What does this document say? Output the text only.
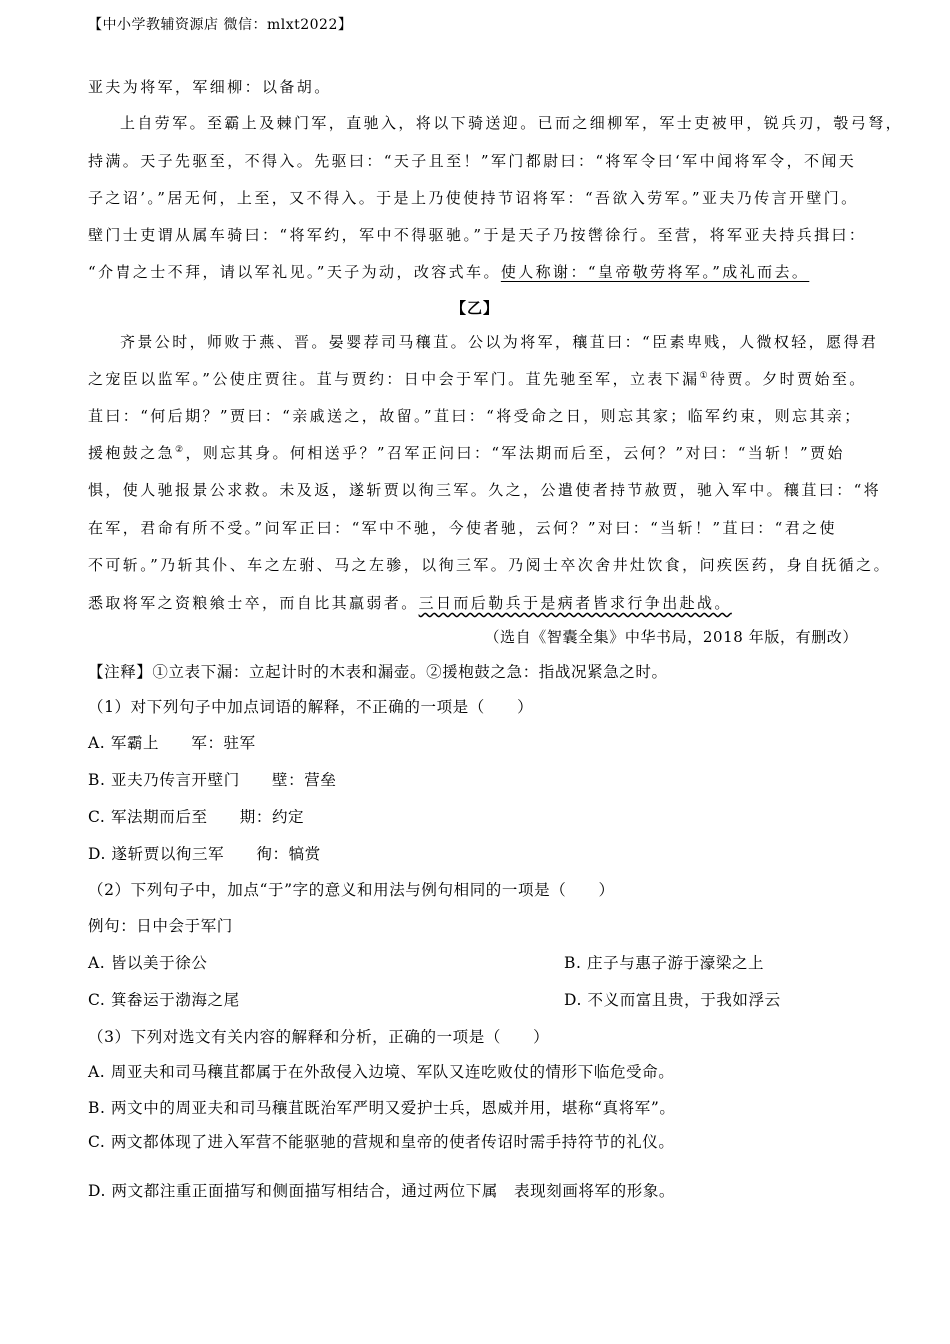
【中小学教辅资源店 微信：mlxt2022】
亚夫为将军，军细柳：以备胡。
上自劳军。至霸上及棘门军，直驰入，将以下骑送迎。已而之细柳军，军士吏被甲，锐兵刃，彀弓弩，
持满。天子先驱至，不得入。先驱曰：“天子且至！”军门都尉曰：“将军令曰‘军中闻将军令，不闻天
子之诏’。”居无何，上至，又不得入。于是上乃使使持节诏将军：“吾欲入劳军。”亚夫乃传言开壁门。
壁门士吏谓从属车骑曰：“将军约，军中不得驱驰。”于是天子乃按辔徐行。至营，将军亚夫持兵揖曰：
“介胄之士不拜，请以军礼见。”天子为动，改容式车。使人称谢：“皇帝敬劳将军。”成礼而去。
【乙】
齐景公时，师败于燕、晋。晏婴荐司马穰苴。公以为将军，穰苴曰：“臣素卑贱，人微权轻，愿得君
之宠臣以监军。”公使庄贾往。苴与贾约：日中会于军门。苴先驰至军，立表下漏①待贾。夕时贾始至。
苴曰：“何后期？”贾曰：“亲戚送之，故留。”苴曰：“将受命之日，则忘其家；临军约束，则忘其亲；
援枹鼓之急②，则忘其身。何相送乎？”召军正问曰：“军法期而后至，云何？”对曰：“当斩！”贾始
惧，使人驰报景公求救。未及返，遂斩贾以徇三军。久之，公遣使者持节赦贾，驰入军中。穰苴曰：“将
在军，君命有所不受。”问军正曰：“军中不驰，今使者驰，云何？”对曰：“当斩！”苴曰：“君之使
不可斩。”乃斩其仆、车之左驸、马之左骖，以徇三军。乃阅士卒次舍井灶饮食，问疾医药，身自抚循之。
悉取将军之资粮飨士卒，而自比其羸弱者。三日而后勒兵于是病者皆求行争出赴战。
（选自《智囊全集》中华书局，2018 年版，有删改）
【注释】①立表下漏：立起计时的木表和漏壶。②援枹鼓之急：指战况紧急之时。
（1）对下列句子中加点词语的解释，不正确的一项是（　　）
A. 军霸上　　军：驻军
B. 亚夫乃传言开壁门　　壁：营垒
C. 军法期而后至　　期：约定
D. 遂斩贾以徇三军　　徇：犒赏
（2）下列句子中，加点“于”字的意义和用法与例句相同的一项是（　　）
例句：日中会于军门
A. 皆以美于徐公	B. 庄子与惠子游于濠梁之上
C. 箕畚运于渤海之尾	D. 不义而富且贵，于我如浮云
（3）下列对选文有关内容的解释和分析，正确的一项是（　　）
A. 周亚夫和司马穰苴都属于在外敌侵入边境、军队又连吃败仗的情形下临危受命。
B. 两文中的周亚夫和司马穰苴既治军严明又爱护士兵，恩威并用，堪称“真将军”。
C. 两文都体现了进入军营不能驱驰的营规和皇帝的使者传诏时需手持符节的礼仪。
D. 两文都注重正面描写和侧面描写相结合，通过两位下属　表现刻画将军的形象。
